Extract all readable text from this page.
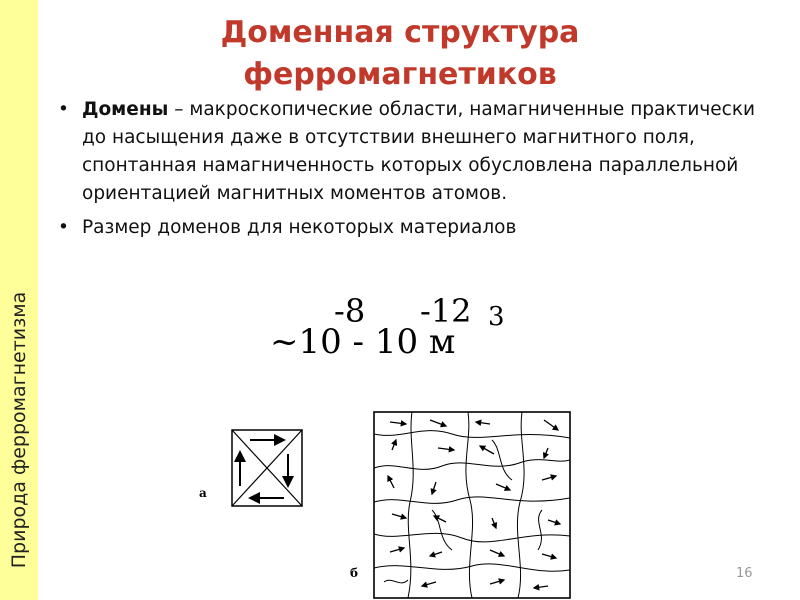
Природа ферромагнетизма
Доменная структура
ферромагнетиков
• Домены – макроскопические области, намагниченные практически до насыщения даже в отсутствии внешнего магнитного поля, спонтанная намагниченность которых обусловлена параллельной ориентацией магнитных моментов атомов.
• Размер доменов для некоторых материалов
-8 -12 3
~10 - 10 м
а
б	16
